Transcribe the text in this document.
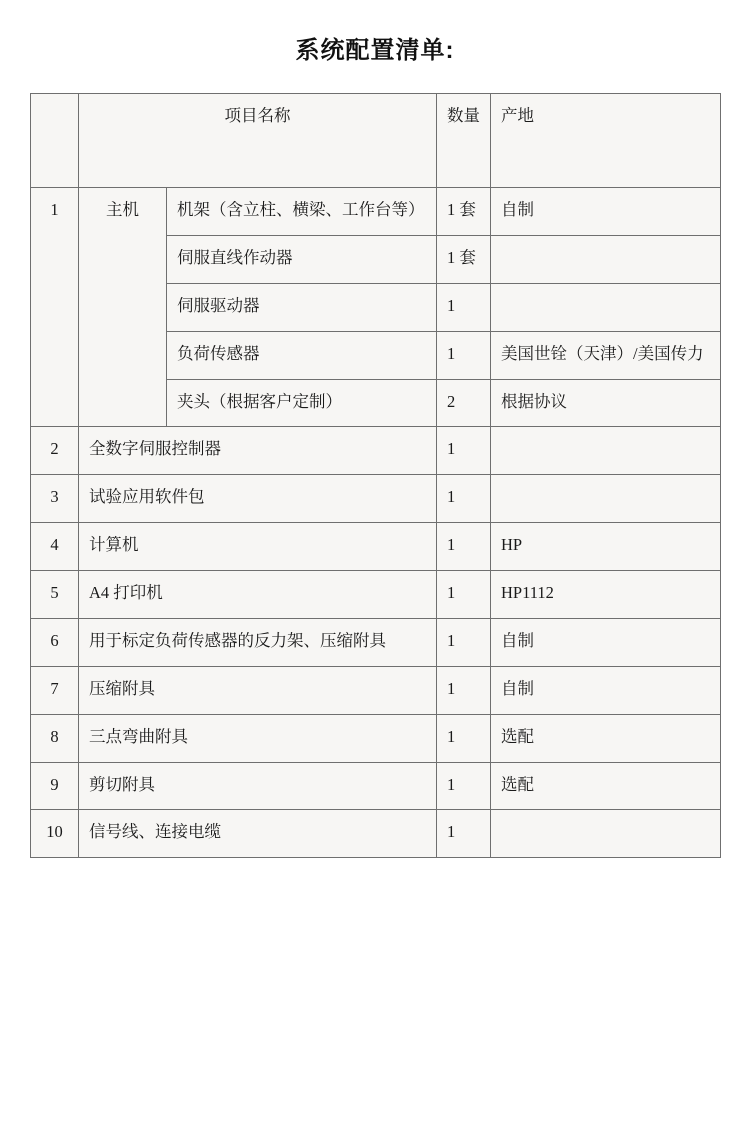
系统配置清单:
	项目名称		数量	产地
1	主机	机架（含立柱、横梁、工作台等）	1 套	自制
		伺服直线作动器	1 套	
		伺服驱动器	1	
		负荷传感器	1	美国世铨（天津）/美国传力
		夹头（根据客户定制）	2	根据协议
2	全数字伺服控制器		1	
3	试验应用软件包		1	
4	计算机		1	HP
5	A4 打印机		1	HP1112
6	用于标定负荷传感器的反力架、压缩附具		1	自制
7	压缩附具		1	自制
8	三点弯曲附具		1	选配
9	剪切附具		1	选配
10	信号线、连接电缆		1	
